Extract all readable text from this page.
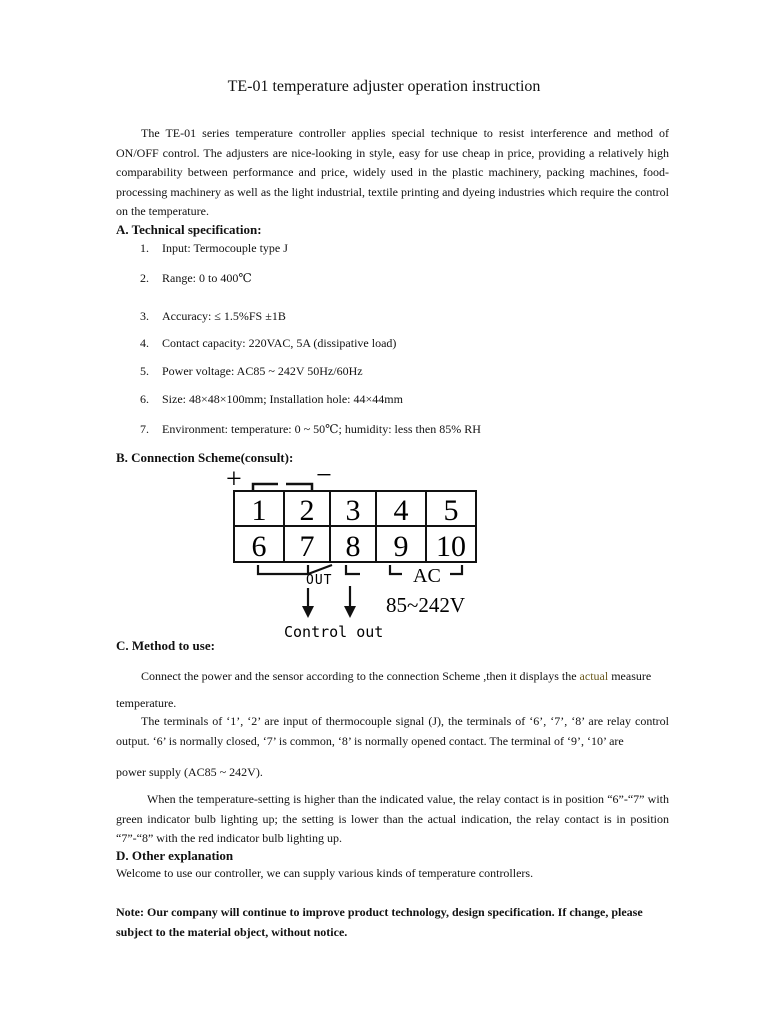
TE-01 temperature adjuster operation instruction
The TE-01 series temperature controller applies special technique to resist interference and method of ON/OFF control. The adjusters are nice-looking in style, easy for use cheap in price, providing a relatively high comparability between performance and price, widely used in the plastic machinery, packing machines, food-processing machinery as well as the light industrial, textile printing and dyeing industries which require the control on the temperature.
A. Technical specification:
1. Input: Termocouple type J
2. Range: 0 to 400℃
3. Accuracy: ≤ 1.5%FS ±1B
4. Contact capacity: 220VAC, 5A (dissipative load)
5. Power voltage: AC85 ~ 242V 50Hz/60Hz
6. Size: 48×48×100mm; Installation hole: 44×44mm
7. Environment: temperature: 0 ~ 50℃; humidity: less then 85% RH
B. Connection Scheme(consult):
+	−
1 2 3 4 5
6 7 8 9 10
OUT	AC
85~242V
Control out
C. Method to use:
Connect the power and the sensor according to the connection Scheme ,then it displays the actual measure
temperature.
The terminals of ‘1’, ‘2’ are input of thermocouple signal (J), the terminals of ‘6’, ‘7’, ‘8’ are relay control output. ‘6’ is normally closed, ‘7’ is common, ‘8’ is normally opened contact. The terminal of ‘9’, ‘10’ are
power supply (AC85 ~ 242V).
When the temperature-setting is higher than the indicated value, the relay contact is in position “6”-“7” with green indicator bulb lighting up; the setting is lower than the actual indication, the relay contact is in position “7”-“8” with the red indicator bulb lighting up.
D. Other explanation
Welcome to use our controller, we can supply various kinds of temperature controllers.
Note: Our company will continue to improve product technology, design specification. If change, please subject to the material object, without notice.
